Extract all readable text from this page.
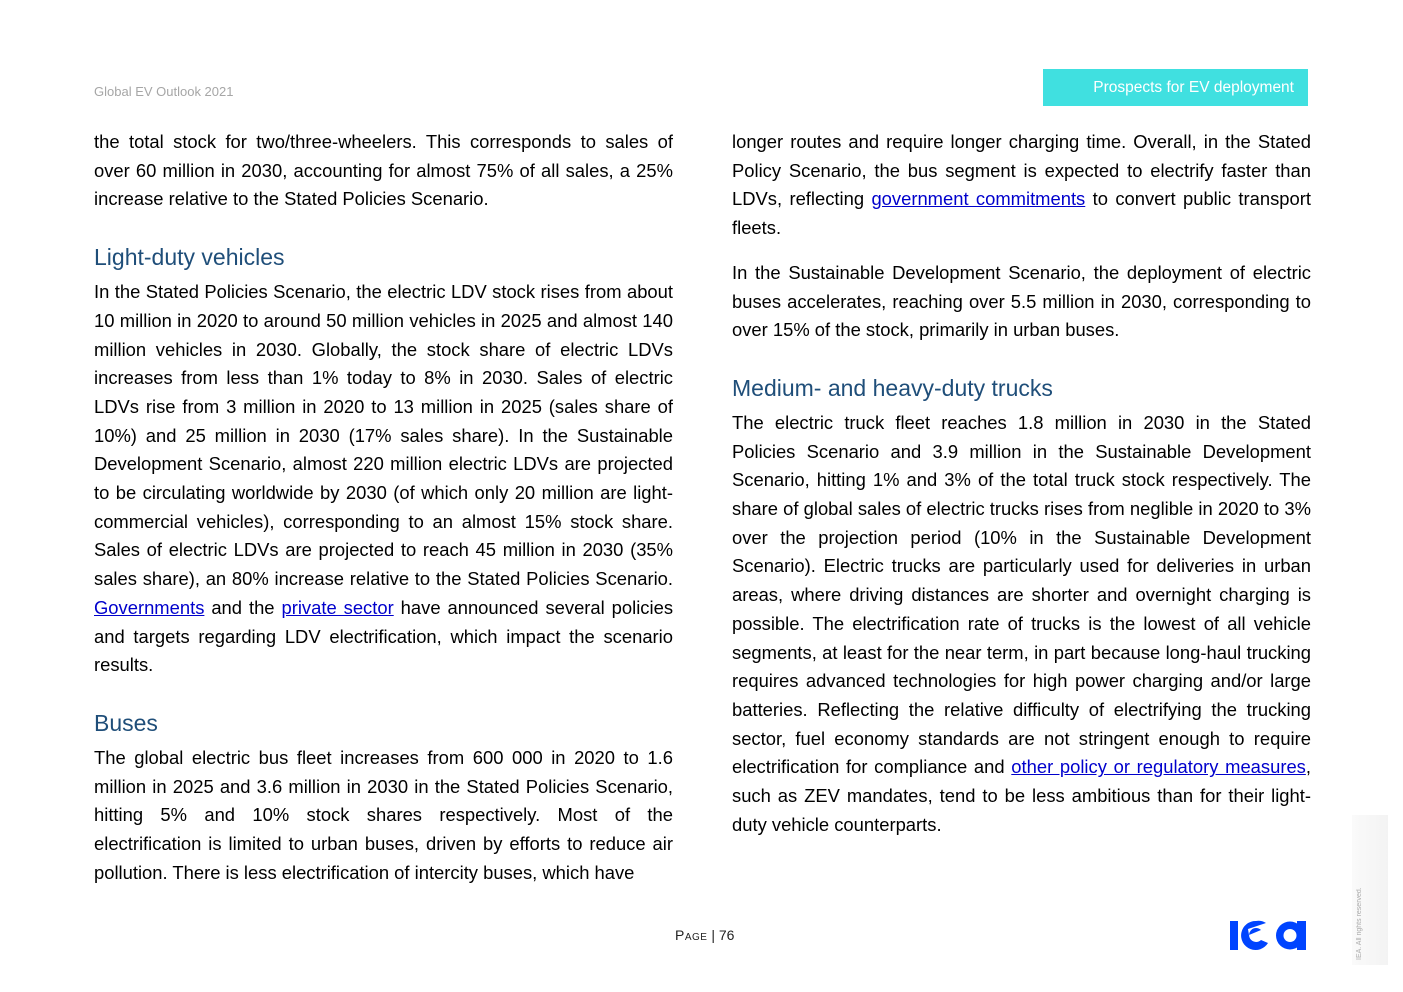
Global EV Outlook 2021	Prospects for EV deployment

the total stock for two/three-wheelers. This corresponds to sales of over 60 million in 2030, accounting for almost 75% of all sales, a 25% increase relative to the Stated Policies Scenario.

Light-duty vehicles

In the Stated Policies Scenario, the electric LDV stock rises from about 10 million in 2020 to around 50 million vehicles in 2025 and almost 140 million vehicles in 2030. Globally, the stock share of electric LDVs increases from less than 1% today to 8% in 2030. Sales of electric LDVs rise from 3 million in 2020 to 13 million in 2025 (sales share of 10%) and 25 million in 2030 (17% sales share). In the Sustainable Development Scenario, almost 220 million electric LDVs are projected to be circulating worldwide by 2030 (of which only 20 million are light-commercial vehicles), corresponding to an almost 15% stock share. Sales of electric LDVs are projected to reach 45 million in 2030 (35% sales share), an 80% increase relative to the Stated Policies Scenario. Governments and the private sector have announced several policies and targets regarding LDV electrification, which impact the scenario results.

Buses

The global electric bus fleet increases from 600 000 in 2020 to 1.6 million in 2025 and 3.6 million in 2030 in the Stated Policies Scenario, hitting 5% and 10% stock shares respectively. Most of the electrification is limited to urban buses, driven by efforts to reduce air pollution. There is less electrification of intercity buses, which have

longer routes and require longer charging time. Overall, in the Stated Policy Scenario, the bus segment is expected to electrify faster than LDVs, reflecting government commitments to convert public transport fleets.

In the Sustainable Development Scenario, the deployment of electric buses accelerates, reaching over 5.5 million in 2030, corresponding to over 15% of the stock, primarily in urban buses.

Medium- and heavy-duty trucks

The electric truck fleet reaches 1.8 million in 2030 in the Stated Policies Scenario and 3.9 million in the Sustainable Development Scenario, hitting 1% and 3% of the total truck stock respectively. The share of global sales of electric trucks rises from neglible in 2020 to 3% over the projection period (10% in the Sustainable Development Scenario). Electric trucks are particularly used for deliveries in urban areas, where driving distances are shorter and overnight charging is possible. The electrification rate of trucks is the lowest of all vehicle segments, at least for the near term, in part because long-haul trucking requires advanced technologies for high power charging and/or large batteries. Reflecting the relative difficulty of electrifying the trucking sector, fuel economy standards are not stringent enough to require electrification for compliance and other policy or regulatory measures, such as ZEV mandates, tend to be less ambitious than for their light-duty vehicle counterparts.

Page | 76	IEA. All rights reserved.
